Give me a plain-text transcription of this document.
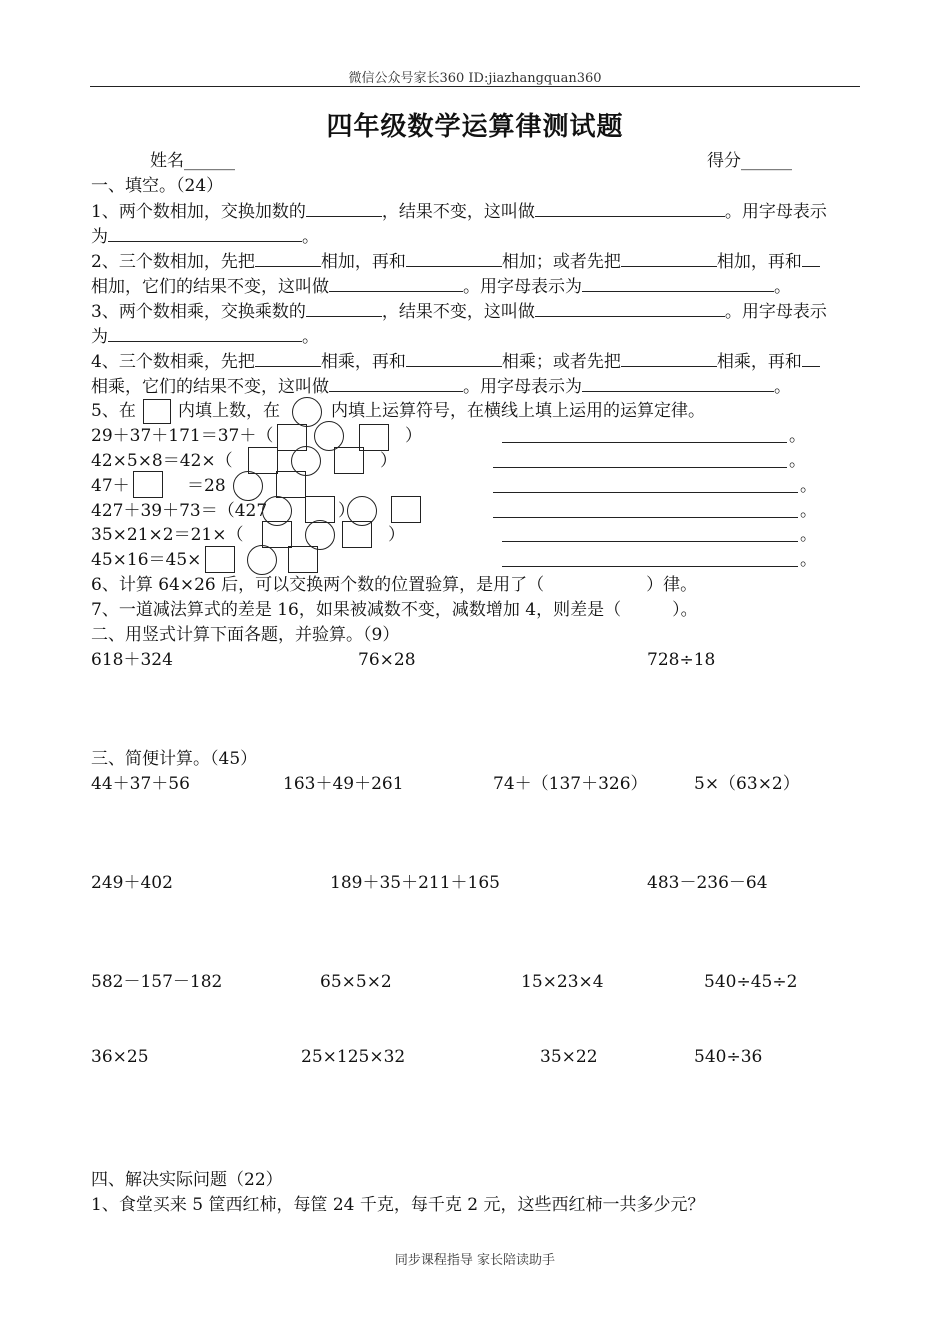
微信公众号家长360 ID:jiazhangquan360
四年级数学运算律测试题
姓名______	得分______
一、填空。（24）
1、两个数相加，交换加数的	，结果不变，这叫做	。用字母表示
为	。
2、三个数相加，先把	相加，再和	相加；或者先把	相加，再和
相加，它们的结果不变，这叫做	。用字母表示为	。
3、两个数相乘，交换乘数的	，结果不变，这叫做	。用字母表示
为	。
4、三个数相乘，先把	相乘，再和	相乘；或者先把	相乘，再和
相乘，它们的结果不变，这叫做	。用字母表示为	。
5、在 内填上数，在	内填上运算符号，在横线上填上运用的运算定律。
29＋37＋171＝37＋（	）	。
42×5×8＝42×（	）	。
47＋	＝28	。
427＋39＋73＝（427	）	。
35×21×2＝21×（	）	。
45×16＝45×	。
6、计算 64×26 后，可以交换两个数的位置验算，是用了（　　　　　　）律。
7、一道减法算式的差是 16，如果被减数不变，减数增加 4，则差是（　　　）。
二、用竖式计算下面各题，并验算。（9）
618＋324	76×28	728÷18
三、简便计算。（45）
44＋37＋56	163＋49＋261	74＋（137＋326）	5×（63×2）
249＋402	189＋35＋211＋165	483－236－64
582－157－182	65×5×2	15×23×4	540÷45÷2
36×25	25×125×32	35×22	540÷36
四、解决实际问题（22）
1、食堂买来 5 筐西红柿，每筐 24 千克，每千克 2 元，这些西红柿一共多少元？
同步课程指导 家长陪读助手
